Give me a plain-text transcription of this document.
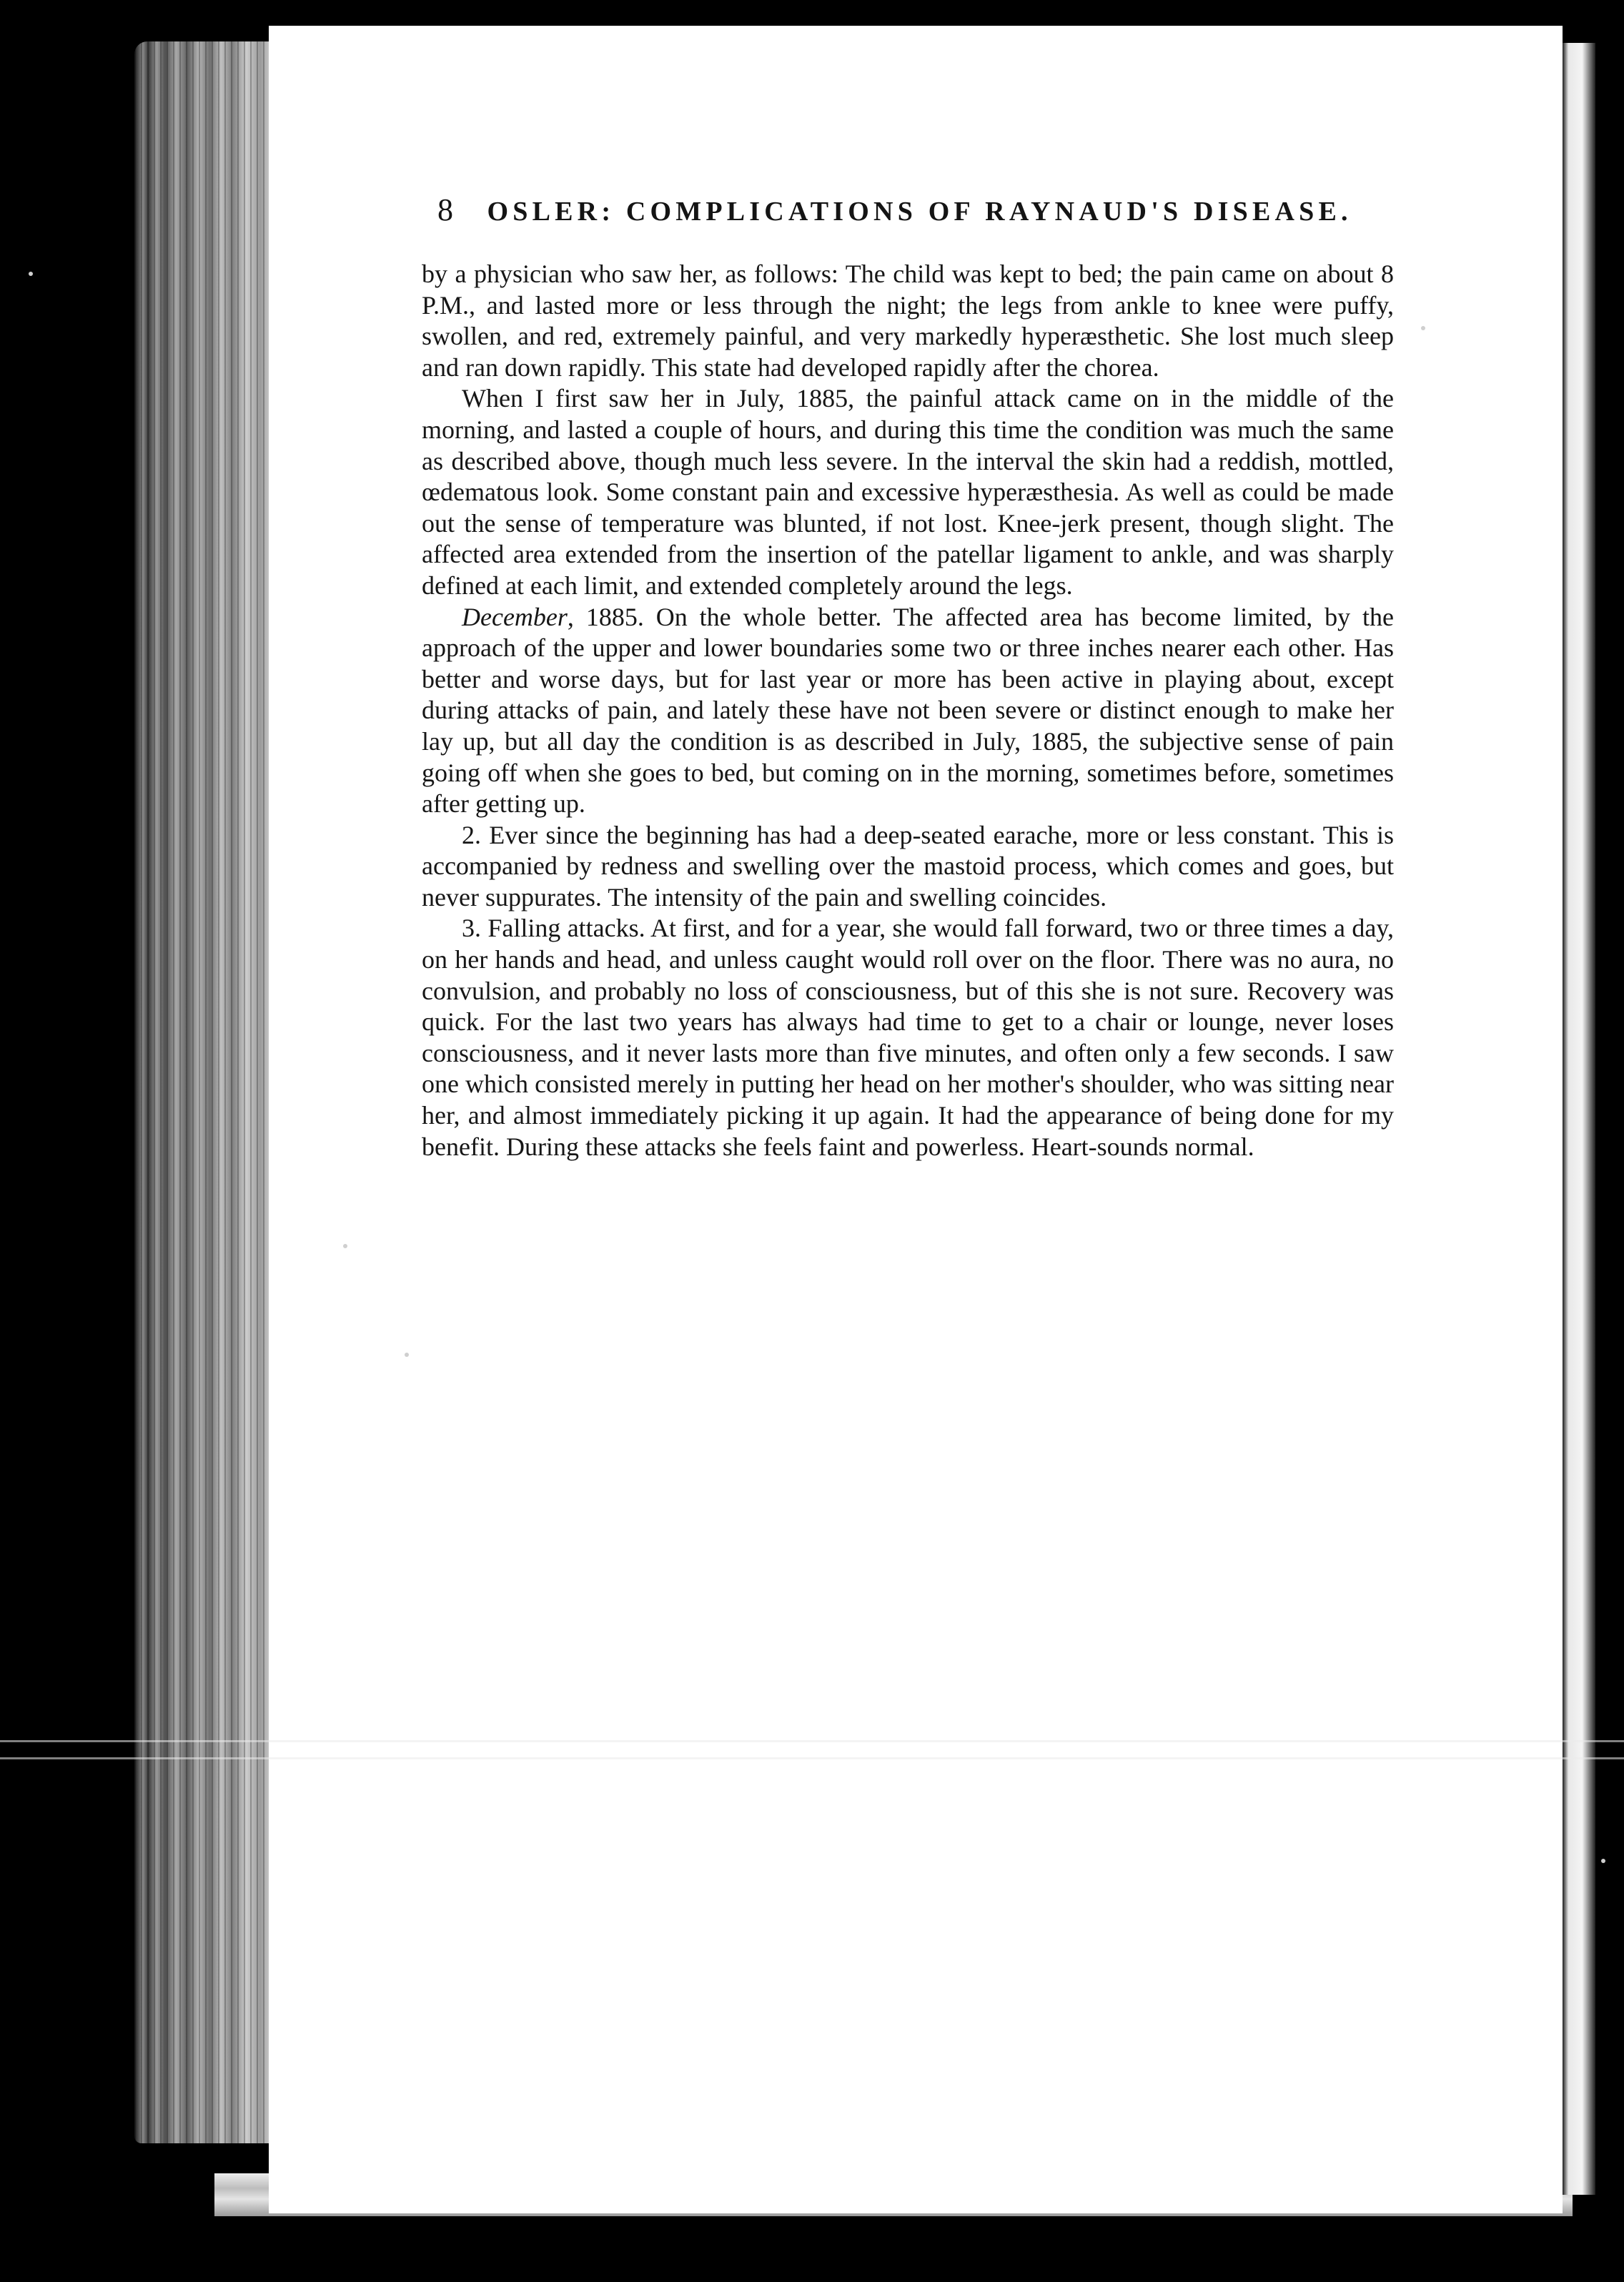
8 OSLER: COMPLICATIONS OF RAYNAUD'S DISEASE.

by a physician who saw her, as follows: The child was kept to bed; the pain came on about 8 P.M., and lasted more or less through the night; the legs from ankle to knee were puffy, swollen, and red, extremely painful, and very markedly hyperæsthetic. She lost much sleep and ran down rapidly. This state had developed rapidly after the chorea.

When I first saw her in July, 1885, the painful attack came on in the middle of the morning, and lasted a couple of hours, and during this time the condition was much the same as described above, though much less severe. In the interval the skin had a reddish, mottled, œdematous look. Some constant pain and excessive hyperæsthesia. As well as could be made out the sense of temperature was blunted, if not lost. Knee-jerk present, though slight. The affected area extended from the insertion of the patellar ligament to ankle, and was sharply defined at each limit, and extended completely around the legs.

December, 1885. On the whole better. The affected area has become limited, by the approach of the upper and lower boundaries some two or three inches nearer each other. Has better and worse days, but for last year or more has been active in playing about, except during attacks of pain, and lately these have not been severe or distinct enough to make her lay up, but all day the condition is as described in July, 1885, the subjective sense of pain going off when she goes to bed, but coming on in the morning, sometimes before, sometimes after getting up.

2. Ever since the beginning has had a deep-seated earache, more or less constant. This is accompanied by redness and swelling over the mastoid process, which comes and goes, but never suppurates. The intensity of the pain and swelling coincides.

3. Falling attacks. At first, and for a year, she would fall forward, two or three times a day, on her hands and head, and unless caught would roll over on the floor. There was no aura, no convulsion, and probably no loss of consciousness, but of this she is not sure. Recovery was quick. For the last two years has always had time to get to a chair or lounge, never loses consciousness, and it never lasts more than five minutes, and often only a few seconds. I saw one which consisted merely in putting her head on her mother's shoulder, who was sitting near her, and almost immediately picking it up again. It had the appearance of being done for my benefit. During these attacks she feels faint and powerless. Heart-sounds normal.
